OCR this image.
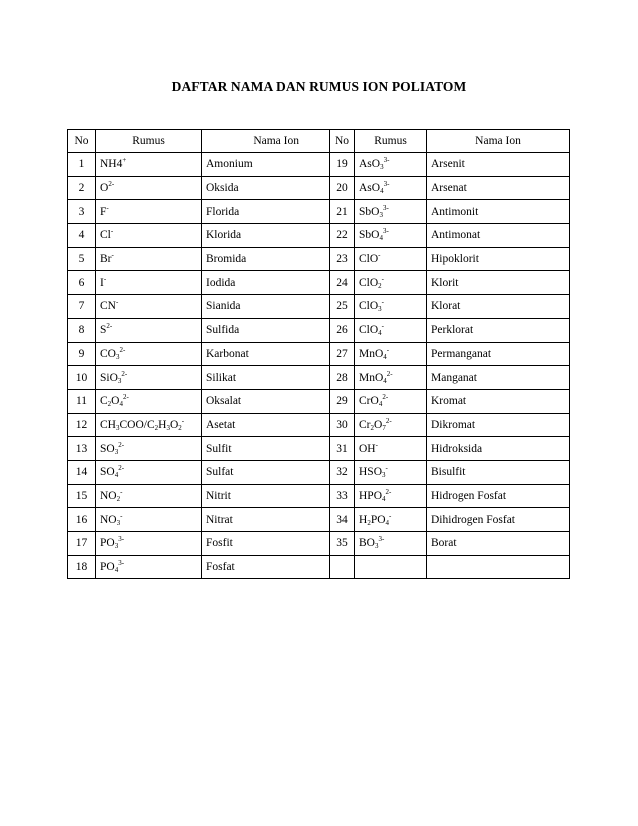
DAFTAR NAMA DAN RUMUS ION POLIATOM
No	Rumus	Nama Ion	No	Rumus	Nama Ion
1	NH4+	Amonium	19	AsO$_3^{3-}$	Arsenit
2	$O^{2-}$	Oksida	20	AsO$_4^{3-}$	Arsenat
3	F-	Florida	21	SbO$_3^{3-}$	Antimonit
4	Cl-	Klorida	22	SbO$_4^{3-}$	Antimonat
5	Br-	Bromida	23	ClO-	Hipoklorit
6	I-	Iodida	24	ClO$_2$-	Klorit
7	CN-	Sianida	25	ClO$_3$-	Klorat
8	$S^{2-}$	Sulfida	26	ClO$_4$-	Perklorat
9	$CO_3^{2-}$	Karbonat	27	MnO$_4$-	Permanganat
10	SiO$_3^{2-}$	Silikat	28	MnO$_4^{2-}$	Manganat
11	$C_2O_4^{2-}$	Oksalat	29	CrO$_4^{2-}$	Kromat
12	$CH_3COO/C_2H_3O_2^-$	Asetat	30	$Cr_2O_7^{2-}$	Dikromat
13	$SO_3^{2-}$	Sulfit	31	OH-	Hidroksida
14	$SO_4^{2-}$	Sulfat	32	$HSO_3^-$	Bisulfit
15	$NO_2^-$	Nitrit	33	$HPO_4^{2-}$	Hidrogen Fosfat
16	$NO_3^-$	Nitrat	34	$H_2PO_4^-$	Dihidrogen Fosfat
17	$PO_3^{3-}$	Fosfit	35	$BO_3^{3-}$	Borat
18	$PO_4^{3-}$	Fosfat			
